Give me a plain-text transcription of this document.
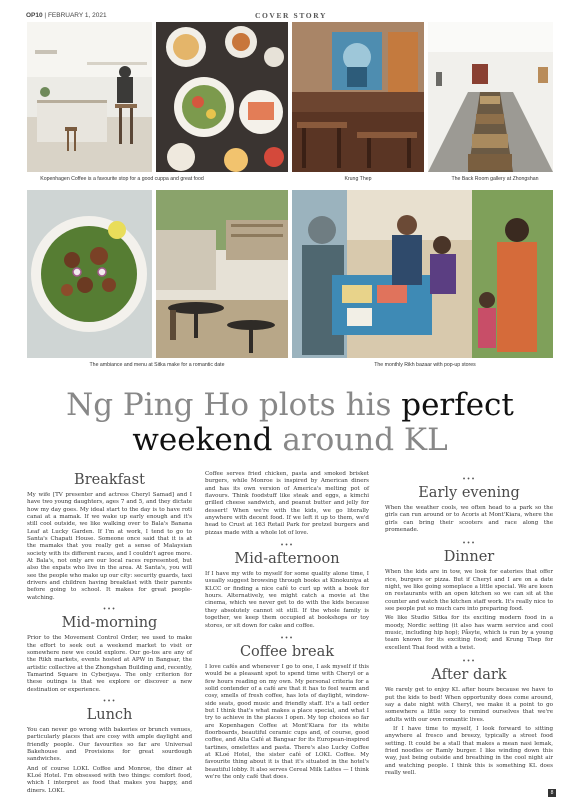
OP10 | FEBRUARY 1, 2021	COVER STORY
Kopenhagen Coffee is a favourite stop for a good cuppa and great food	Krung Thep	The Back Room gallery at Zhongshan
The ambiance and menu at Sitka make for a romantic date	The monthly Rikh bazaar with pop-up stores
Ng Ping Ho plots his perfect
weekend around KL
Breakfast

My wife [TV presenter and actress Cheryl Samad] and I have two young daughters, ages 7 and 5, and they dictate how my day goes. My ideal start to the day is to have roti canai at a mamak. If we wake up early enough and it's still cool outside, we like walking over to Bala's Banana Leaf at Lucky Garden. If I'm at work, I tend to go to Santa's Chapati House. Someone once said that it is at the mamaks that you really get a sense of Malaysian society with its different races, and I couldn't agree more. At Bala's, not only are our local races represented, but also the expats who live in the area. At Santa's, you will see the people who make up our city: security guards, taxi drivers and children having breakfast with their parents before going to school. It makes for great people-watching.

•••
Mid-morning

Prior to the Movement Control Order, we used to make the effort to seek out a weekend market to visit or somewhere new we could explore. Our go-tos are any of the Rikh markets, events hosted at APW in Bangsar, the artistic collective at the Zhongshan Building and, recently, Tamarind Square in Cyberjaya. The only criterion for these outings is that we explore or discover a new destination or experience.

•••
Lunch

You can never go wrong with bakeries or brunch venues, particularly places that are cosy with ample daylight and friendly people. Our favourites so far are Universal Bakehouse and Provisions for great sourdough sandwiches.

And of course LOKL Coffee and Monroe, the diner at KLoé Hotel. I'm obsessed with two things: comfort food, which I interpret as food that makes you happy, and diners. LOKL

Coffee serves fried chicken, pasta and smoked brisket burgers, while Monroe is inspired by American diners and has its own version of America's melting pot of flavours. Think foodstuff like steak and eggs, a kimchi grilled cheese sandwich, and peanut butter and jelly for dessert! When we're with the kids, we go literally anywhere with decent food. If we left it up to them, we'd head to Crust at 163 Retail Park for pretzel burgers and pizzas made with a whole lot of love.

•••
Mid-afternoon

If I have my wife to myself for some quality alone time, I usually suggest browsing through books at Kinokuniya at KLCC or finding a nice café to curl up with a book for hours. Alternatively, we might catch a movie at the cinema, which we never get to do with the kids because they absolutely cannot sit still. If the whole family is together, we keep them occupied at bookshops or toy stores, or sit down for cake and coffee.

•••
Coffee break

I love cafés and whenever I go to one, I ask myself if this would be a pleasant spot to spend time with Cheryl or a few hours reading on my own. My personal criteria for a solid contender of a café are that it has to feel warm and cosy, smells of fresh coffee, has lots of daylight, window-side seats, good music and friendly staff. It's a tall order but I think that's what makes a place special, and what I try to achieve in the places I open. My top choices so far are Kopenhagen Coffee at Mont'Kiara for its white floorboards, beautiful ceramic cups and, of course, good coffee, and Alta Café at Bangsar for its European-inspired tartines, omelettes and pasta. There's also Lucky Coffee at KLoé Hotel, the sister café of LOKL Coffee. My favourite thing about it is that it's situated in the hotel's beautiful lobby. It also serves Cereal Milk Lattes — I think we're the only café that does.

•••
Early evening

When the weather cools, we often head to a park so the girls can run around or to Acoris at Mont'Kiara, where the girls can bring their scooters and race along the promenade.

•••
Dinner

When the kids are in tow, we look for eateries that offer rice, burgers or pizza. But if Cheryl and I are on a date night, we like going someplace a little special. We are keen on restaurants with an open kitchen so we can sit at the counter and watch the kitchen staff work. It's really nice to see people put so much care into preparing food.

We like Studio Sitka for its exciting modern food in a moody, Nordic setting (it also has warm service and cool music, including hip hop); Påsyte, which is run by a young team known for its exciting food; and Krung Thep for excellent Thai food with a twist.

•••
After dark

We rarely get to enjoy KL after hours because we have to put the kids to bed! When opportunity does come around, say a date night with Cheryl, we make it a point to go somewhere a little sexy to remind ourselves that we're adults with our own romantic lives.

If I have time to myself, I look forward to sitting anywhere al fresco and breezy, typically a street food setting. It could be a stall that makes a mean nasi lemak, fried noodles or Ramly burger. I like winding down this way, just being outside and breathing in the cool night air and watching people. I think this is something KL does really well.

8
